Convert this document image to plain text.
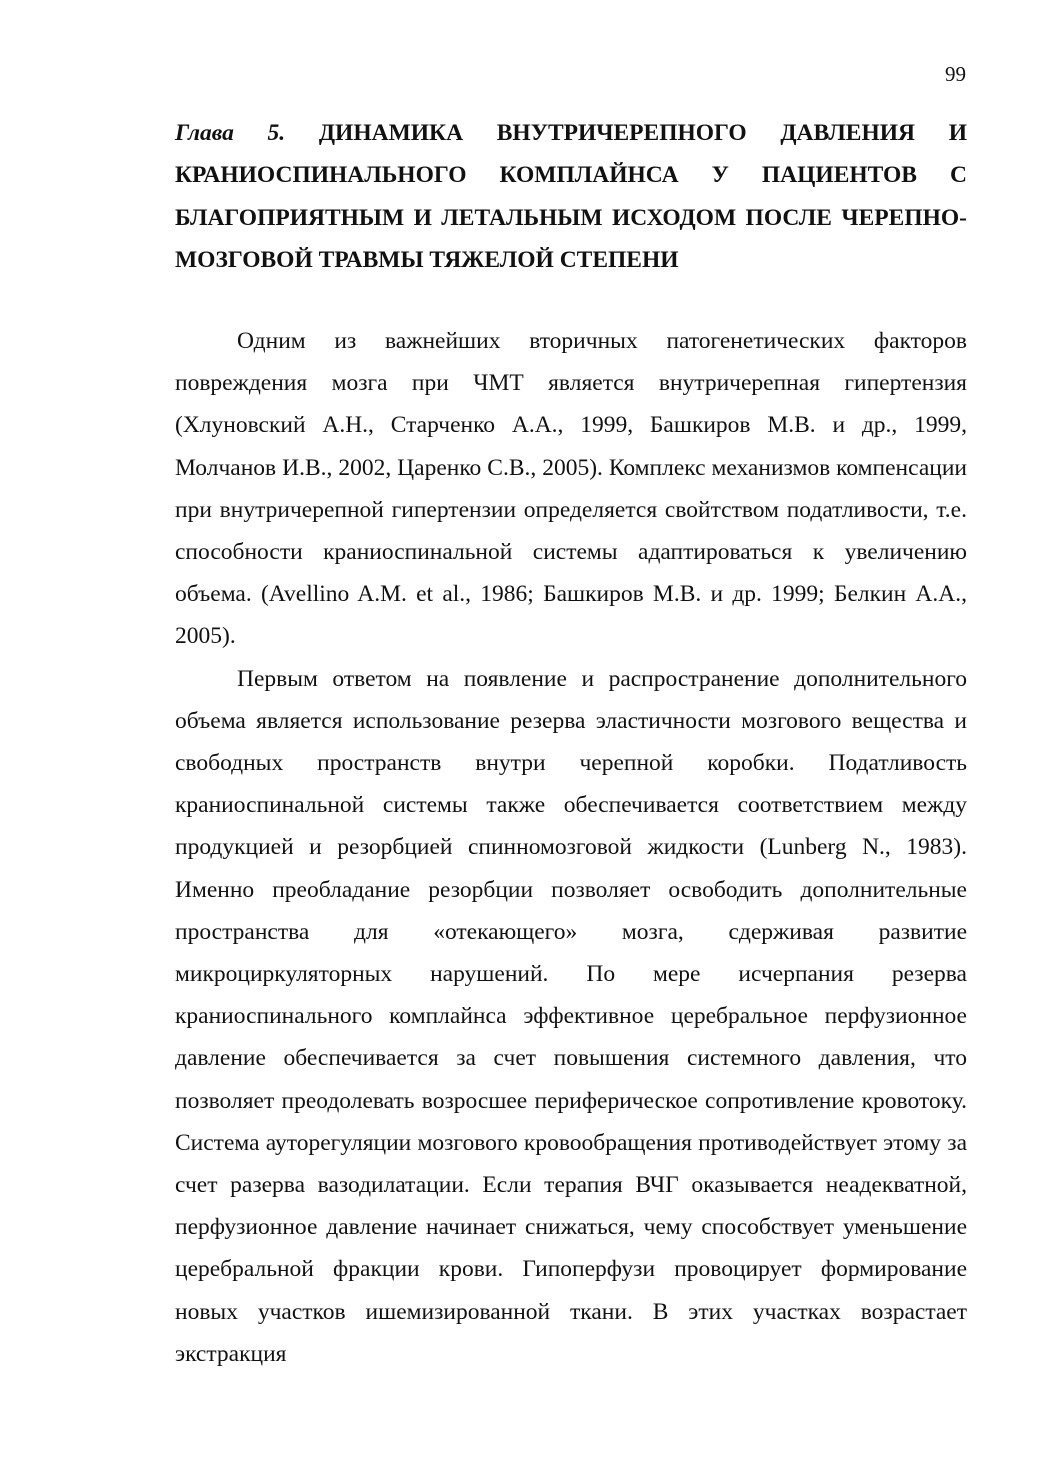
99
Глава 5. ДИНАМИКА ВНУТРИЧЕРЕПНОГО ДАВЛЕНИЯ И КРАНИОСПИНАЛЬНОГО КОМПЛАЙНСА У ПАЦИЕНТОВ С БЛАГОПРИЯТНЫМ И ЛЕТАЛЬНЫМ ИСХОДОМ ПОСЛЕ ЧЕРЕПНО-МОЗГОВОЙ ТРАВМЫ ТЯЖЕЛОЙ СТЕПЕНИ

Одним из важнейших вторичных патогенетических факторов повреждения мозга при ЧМТ является внутричерепная гипертензия (Хлуновский А.Н., Старченко А.А., 1999, Башкиров М.В. и др., 1999, Молчанов И.В., 2002, Царенко С.В., 2005). Комплекс механизмов компенсации при внутричерепной гипертензии определяется свойтством податливости, т.е. способности краниоспинальной системы адаптироваться к увеличению объема. (Avellino A.M. et al., 1986; Башкиров М.В. и др. 1999; Белкин А.А., 2005).

Первым ответом на появление и распространение дополнительного объема является использование резерва эластичности мозгового вещества и свободных пространств внутри черепной коробки. Податливость краниоспинальной системы также обеспечивается соответствием между продукцией и резорбцией спинномозговой жидкости (Lunberg N., 1983). Именно преобладание резорбции позволяет освободить дополнительные пространства для «отекающего» мозга, сдерживая развитие микроциркуляторных нарушений. По мере исчерпания резерва краниоспинального комплайнса эффективное церебральное перфузионное давление обеспечивается за счет повышения системного давления, что позволяет преодолевать возросшее периферическое сопротивление кровотоку. Система ауторегуляции мозгового кровообращения противодействует этому за счет разерва вазодилатации. Если терапия ВЧГ оказывается неадекватной, перфузионное давление начинает снижаться, чему способствует уменьшение церебральной фракции крови. Гипоперфузи провоцирует формирование новых участков ишемизированной ткани. В этих участках возрастает экстракция
